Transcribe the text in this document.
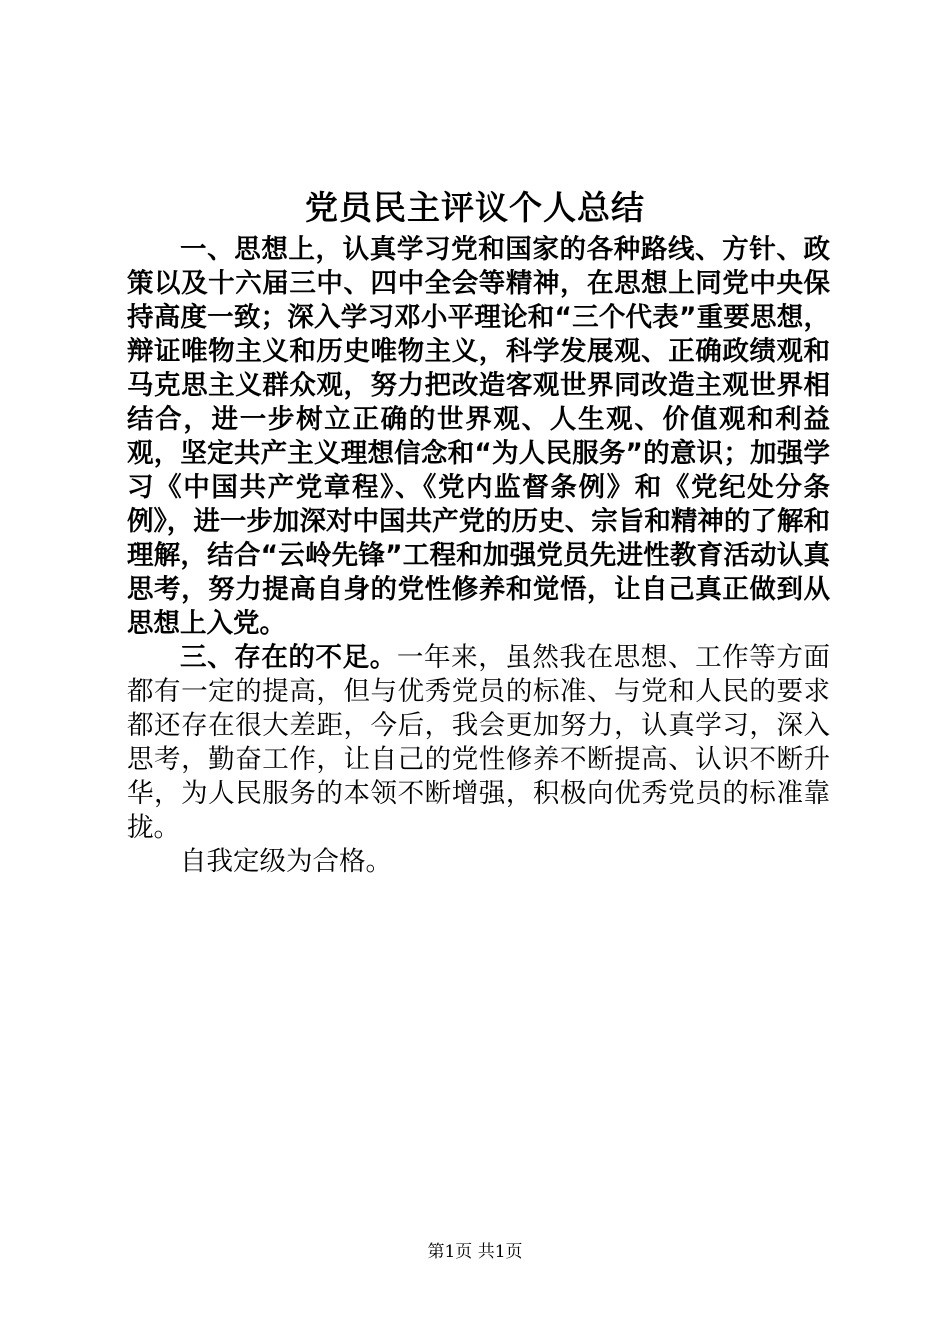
党员民主评议个人总结

一、思想上，认真学习党和国家的各种路线、方针、政策以及十六届三中、四中全会等精神，在思想上同党中央保持高度一致；深入学习邓小平理论和“三个代表”重要思想，辩证唯物主义和历史唯物主义，科学发展观、正确政绩观和马克思主义群众观，努力把改造客观世界同改造主观世界相结合，进一步树立正确的世界观、人生观、价值观和利益观，坚定共产主义理想信念和“为人民服务”的意识；加强学习《中国共产党章程》、《党内监督条例》和《党纪处分条例》，进一步加深对中国共产党的历史、宗旨和精神的了解和理解，结合“云岭先锋”工程和加强党员先进性教育活动认真思考，努力提高自身的党性修养和觉悟，让自己真正做到从思想上入党。

三、存在的不足。一年来，虽然我在思想、工作等方面都有一定的提高，但与优秀党员的标准、与党和人民的要求都还存在很大差距，今后，我会更加努力，认真学习，深入思考，勤奋工作，让自己的党性修养不断提高、认识不断升华，为人民服务的本领不断增强，积极向优秀党员的标准靠拢。

自我定级为合格。

第1页 共1页
